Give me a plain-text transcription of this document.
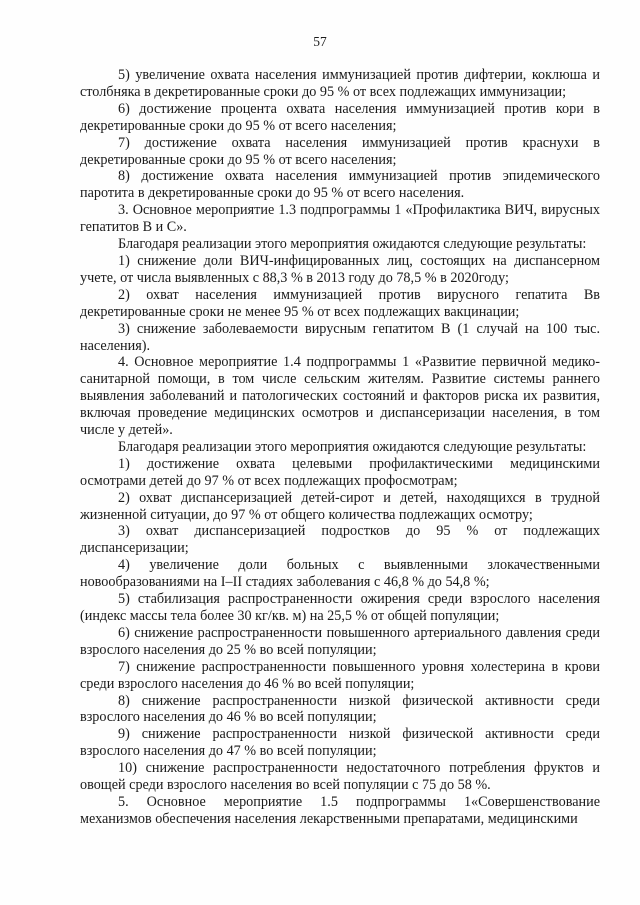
57

5) увеличение охвата населения иммунизацией против дифтерии, коклюша и столбняка в декретированные сроки до 95 % от всех подлежащих иммунизации;

6) достижение процента охвата населения иммунизацией против кори в декретированные сроки до 95 % от всего населения;

7) достижение охвата населения иммунизацией против краснухи в декретированные сроки до 95 % от всего населения;

8) достижение охвата населения иммунизацией против эпидемического паротита в декретированные сроки до 95 % от всего населения.

3. Основное мероприятие 1.3 подпрограммы 1 «Профилактика ВИЧ, вирусных гепатитов В и С».

Благодаря реализации этого мероприятия ожидаются следующие результаты:

1) снижение доли ВИЧ-инфицированных лиц, состоящих на диспансерном учете, от числа выявленных с 88,3 % в 2013 году до 78,5 % в 2020году;

2) охват населения иммунизацией против вирусного гепатита Вв декретированные сроки не менее 95 % от всех подлежащих вакцинации;

3) снижение заболеваемости вирусным гепатитом В (1 случай на 100 тыс. населения).

4. Основное мероприятие 1.4 подпрограммы 1 «Развитие первичной медико-санитарной помощи, в том числе сельским жителям. Развитие системы раннего выявления заболеваний и патологических состояний и факторов риска их развития, включая проведение медицинских осмотров и диспансеризации населения, в том числе у детей».

Благодаря реализации этого мероприятия ожидаются следующие результаты:

1) достижение охвата целевыми профилактическими медицинскими осмотрами детей до 97 % от всех подлежащих профосмотрам;

2) охват диспансеризацией детей-сирот и детей, находящихся в трудной жизненной ситуации, до 97 % от общего количества подлежащих осмотру;

3) охват диспансеризацией подростков до 95 % от подлежащих диспансеризации;

4) увеличение доли больных с выявленными злокачественными новообразованиями на I–II стадиях заболевания с 46,8 % до 54,8 %;

5) стабилизация распространенности ожирения среди взрослого населения (индекс массы тела более 30 кг/кв. м) на 25,5 % от общей популяции;

6) снижение распространенности повышенного артериального давления среди взрослого населения до 25 % во всей популяции;

7) снижение распространенности повышенного уровня холестерина в крови среди взрослого населения до 46 % во всей популяции;

8) снижение распространенности низкой физической активности среди взрослого населения до 46 % во всей популяции;

9) снижение распространенности низкой физической активности среди взрослого населения до 47 % во всей популяции;

10) снижение распространенности недостаточного потребления фруктов и овощей среди взрослого населения во всей популяции с 75 до 58 %.

5. Основное мероприятие 1.5 подпрограммы 1«Совершенствование механизмов обеспечения населения лекарственными препаратами, медицинскими
